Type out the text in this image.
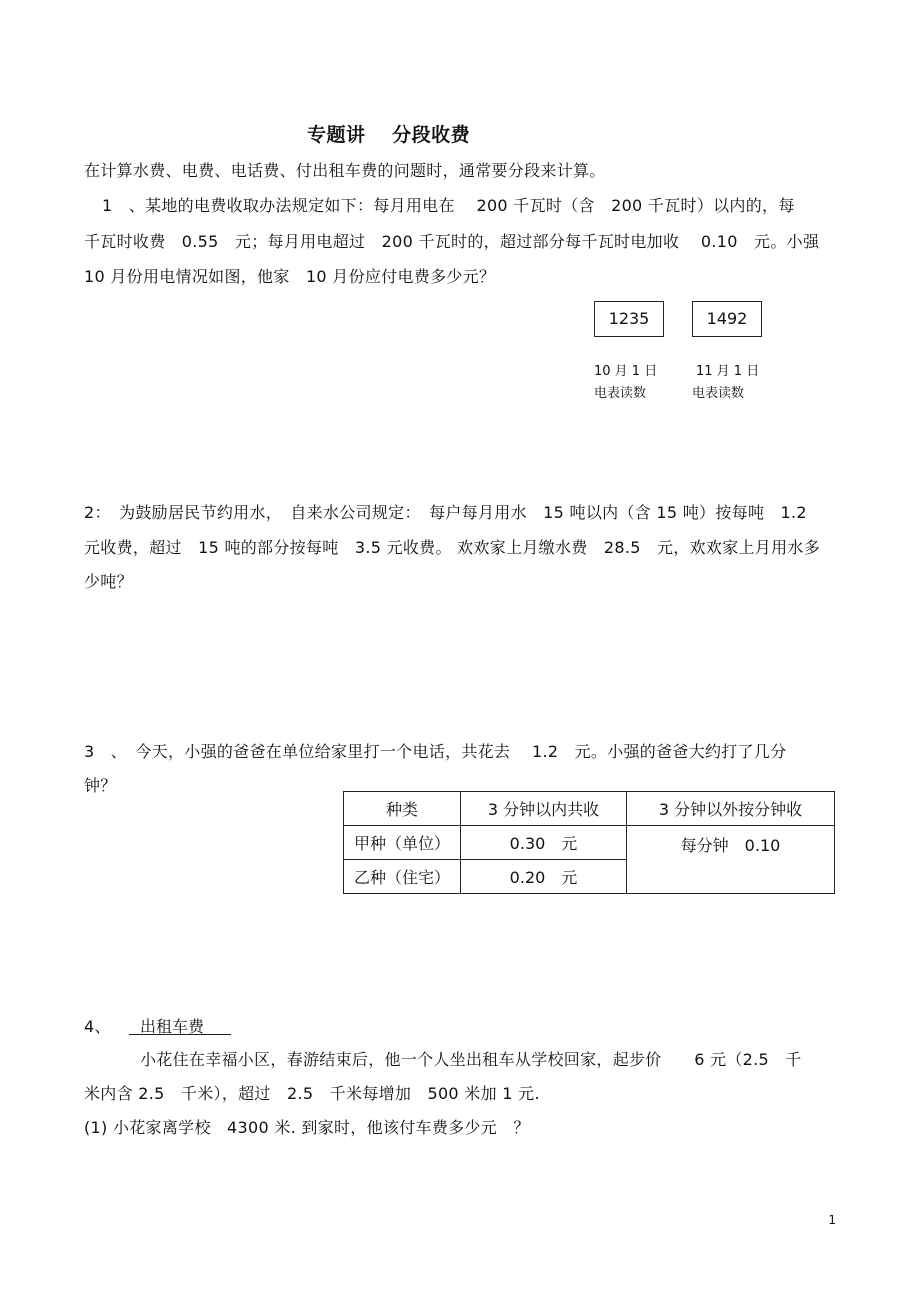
专题讲　 分段收费
在计算水费、电费、电话费、付出租车费的问题时，通常要分段来计算。
1　、某地的电费收取办法规定如下：每月用电在　 200 千瓦时（含　200 千瓦时）以内的，每
千瓦时收费　0.55　元；每月用电超过　200 千瓦时的，超过部分每千瓦时电加收　 0.10　元。小强
10 月份用电情况如图，他家　10 月份应付电费多少元？
1235	1492
10 月 1 日	11 月 1 日
电表读数	电表读数
2：　为鼓励居民节约用水，　自来水公司规定：　每户每月用水　15 吨以内（含 15 吨）按每吨　1.2
元收费，超过　15 吨的部分按每吨　3.5 元收费。 欢欢家上月缴水费　28.5　元，欢欢家上月用水多
少吨？
3　、　今天，小强的爸爸在单位给家里打一个电话，共花去　 1.2　元。小强的爸爸大约打了几分
钟？
种类	3 分钟以内共收	3 分钟以外按分钟收
甲种（单位）	0.30　元	每分钟　0.10
乙种（住宅）	0.20　元	
4、	出租车费
小花住在幸福小区，春游结束后，他一个人坐出租车从学校回家，起步价　　6 元（2.5　千
米内含 2.5　千米），超过　2.5　千米每增加　500 米加 1 元.
(1) 小花家离学校　4300 米. 到家时，他该付车费多少元　？
1
